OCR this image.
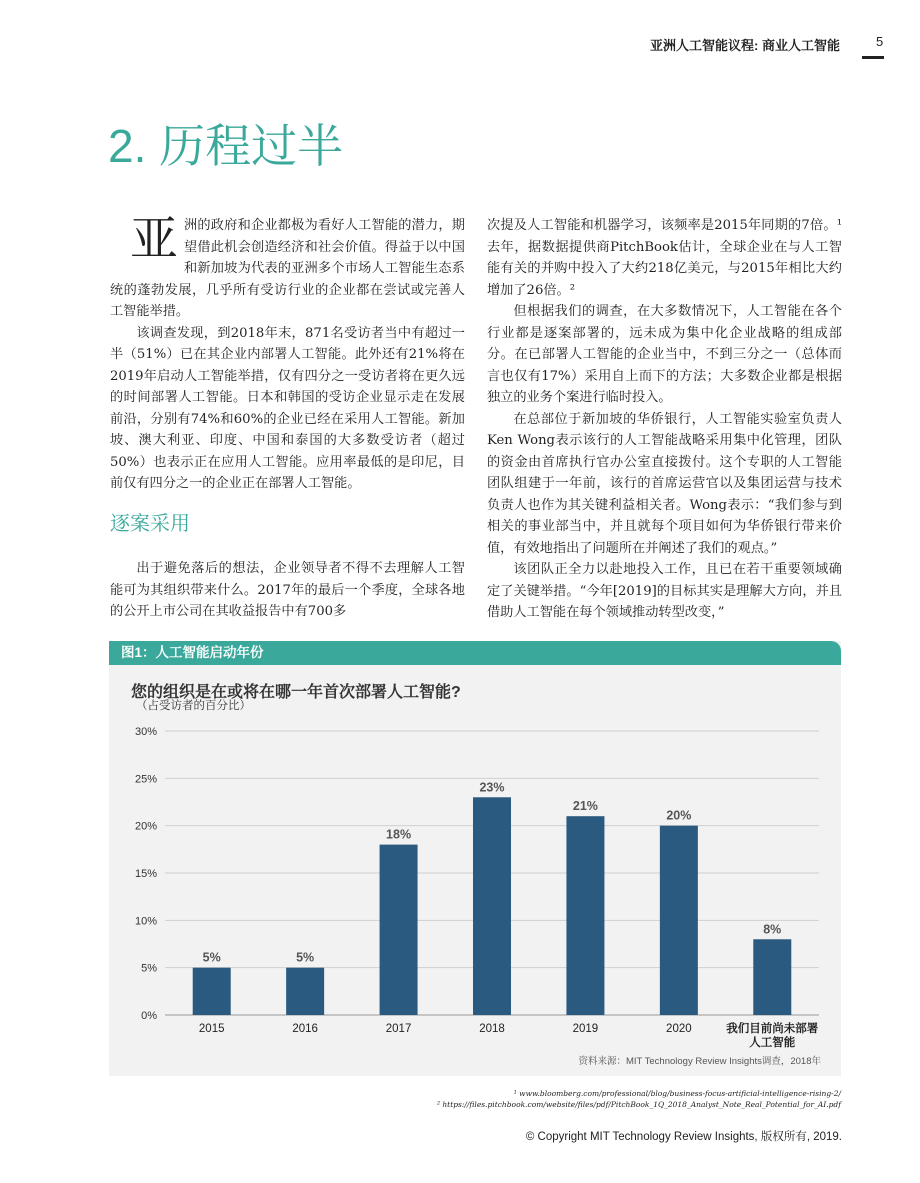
亚洲人工智能议程: 商业人工智能	5
2. 历程过半

亚洲的政府和企业都极为看好人工智能的潜力，期望借此机会创造经济和社会价值。得益于以中国和新加坡为代表的亚洲多个市场人工智能生态系统的蓬勃发展，几乎所有受访行业的企业都在尝试或完善人工智能举措。

该调查发现，到2018年末，871名受访者当中有超过一半（51%）已在其企业内部署人工智能。此外还有21%将在2019年启动人工智能举措，仅有四分之一受访者将在更久远的时间部署人工智能。日本和韩国的受访企业显示走在发展前沿，分别有74%和60%的企业已经在采用人工智能。新加坡、澳大利亚、印度、中国和泰国的大多数受访者（超过50%）也表示正在应用人工智能。应用率最低的是印尼，目前仅有四分之一的企业正在部署人工智能。

逐案采用

出于避免落后的想法，企业领导者不得不去理解人工智能可为其组织带来什么。2017年的最后一个季度，全球各地的公开上市公司在其收益报告中有700多

次提及人工智能和机器学习，该频率是2015年同期的7倍。¹ 去年，据数据提供商PitchBook估计，全球企业在与人工智能有关的并购中投入了大约218亿美元，与2015年相比大约增加了26倍。²

但根据我们的调查，在大多数情况下，人工智能在各个行业都是逐案部署的，远未成为集中化企业战略的组成部分。在已部署人工智能的企业当中，不到三分之一（总体而言也仅有17%）采用自上而下的方法；大多数企业都是根据独立的业务个案进行临时投入。

在总部位于新加坡的华侨银行，人工智能实验室负责人Ken Wong表示该行的人工智能战略采用集中化管理，团队的资金由首席执行官办公室直接拨付。这个专职的人工智能团队组建于一年前，该行的首席运营官以及集团运营与技术负责人也作为其关键利益相关者。Wong表示：“我们参与到相关的事业部当中，并且就每个项目如何为华侨银行带来价值，有效地指出了问题所在并阐述了我们的观点。”

该团队正全力以赴地投入工作，且已在若干重要领域确定了关键举措。“今年[2019]的目标其实是理解大方向，并且借助人工智能在每个领域推动转型改变，”

图1：人工智能启动年份
0%
5%
10%
15%
20%
25%
30%
5%
2015
5%
2016
18%
2017
23%
2018
21%
2019
20%
2020
8%
我们目前尚未部署
人工智能
您的组织是在或将在哪一年首次部署人工智能?
（占受访者的百分比）
资料来源：MIT Technology Review Insights调查，2018年
¹ www.bloomberg.com/professional/blog/business-focus-artificial-intelligence-rising-2/
² https://files.pitchbook.com/website/files/pdf/PitchBook_1Q_2018_Analyst_Note_Real_Potential_for_AI.pdf
© Copyright MIT Technology Review Insights, 版权所有, 2019.
